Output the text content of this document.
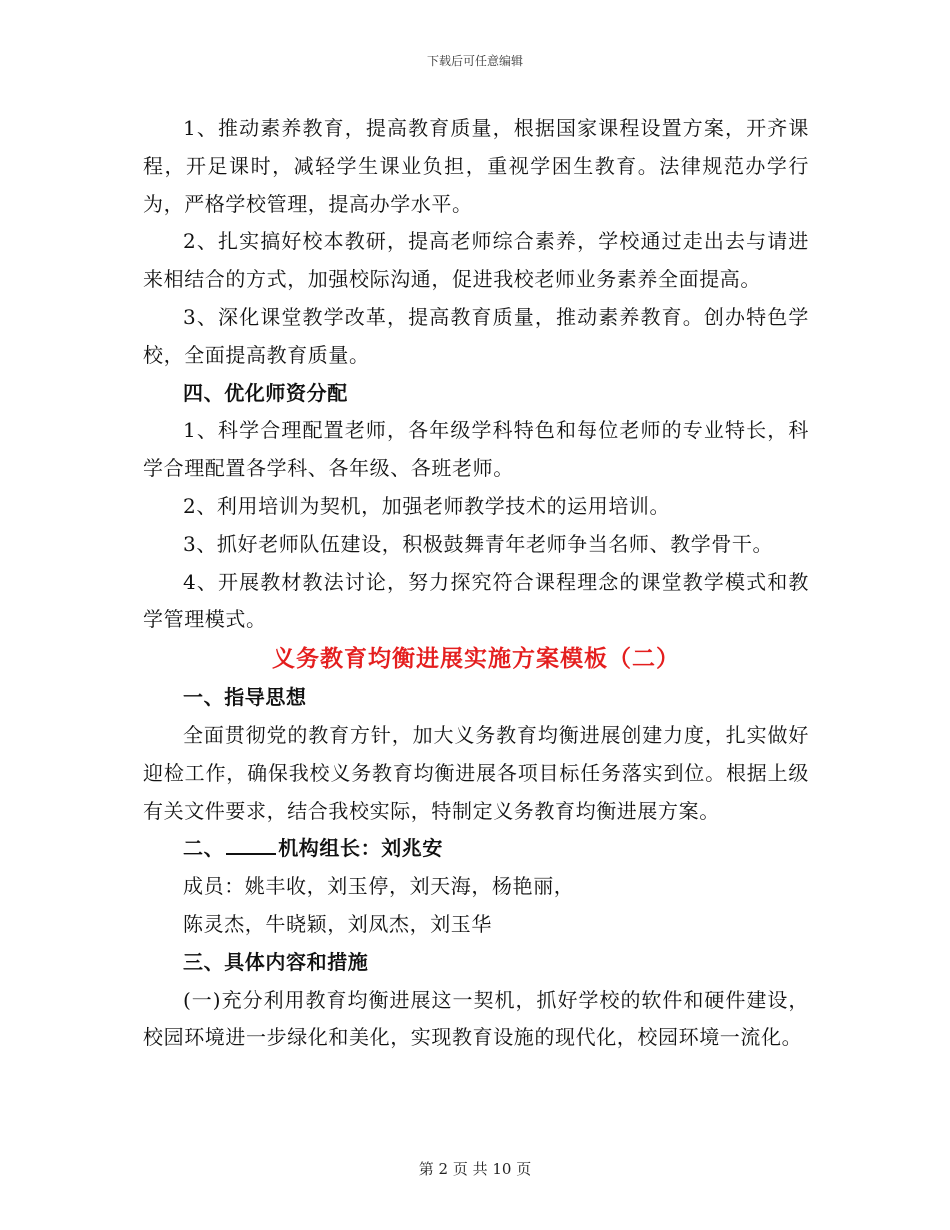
下载后可任意编辑

1、推动素养教育，提高教育质量，根据国家课程设置方案，开齐课程，开足课时，减轻学生课业负担，重视学困生教育。法律规范办学行为，严格学校管理，提高办学水平。

2、扎实搞好校本教研，提高老师综合素养，学校通过走出去与请进来相结合的方式，加强校际沟通，促进我校老师业务素养全面提高。

3、深化课堂教学改革，提高教育质量，推动素养教育。创办特色学校，全面提高教育质量。

四、优化师资分配

1、科学合理配置老师，各年级学科特色和每位老师的专业特长，科学合理配置各学科、各年级、各班老师。

2、利用培训为契机，加强老师教学技术的运用培训。

3、抓好老师队伍建设，积极鼓舞青年老师争当名师、教学骨干。

4、开展教材教法讨论，努力探究符合课程理念的课堂教学模式和教学管理模式。

义务教育均衡进展实施方案模板（二）

一、指导思想

全面贯彻党的教育方针，加大义务教育均衡进展创建力度，扎实做好迎检工作，确保我校义务教育均衡进展各项目标任务落实到位。根据上级有关文件要求，结合我校实际，特制定义务教育均衡进展方案。

二、	机构组长：刘兆安

成员：姚丰收，刘玉停，刘天海，杨艳丽，

陈灵杰，牛晓颖，刘凤杰，刘玉华

三、具体内容和措施

(一)充分利用教育均衡进展这一契机，抓好学校的软件和硬件建设，校园环境进一步绿化和美化，实现教育设施的现代化，校园环境一流化。

第 2 页 共 10 页
